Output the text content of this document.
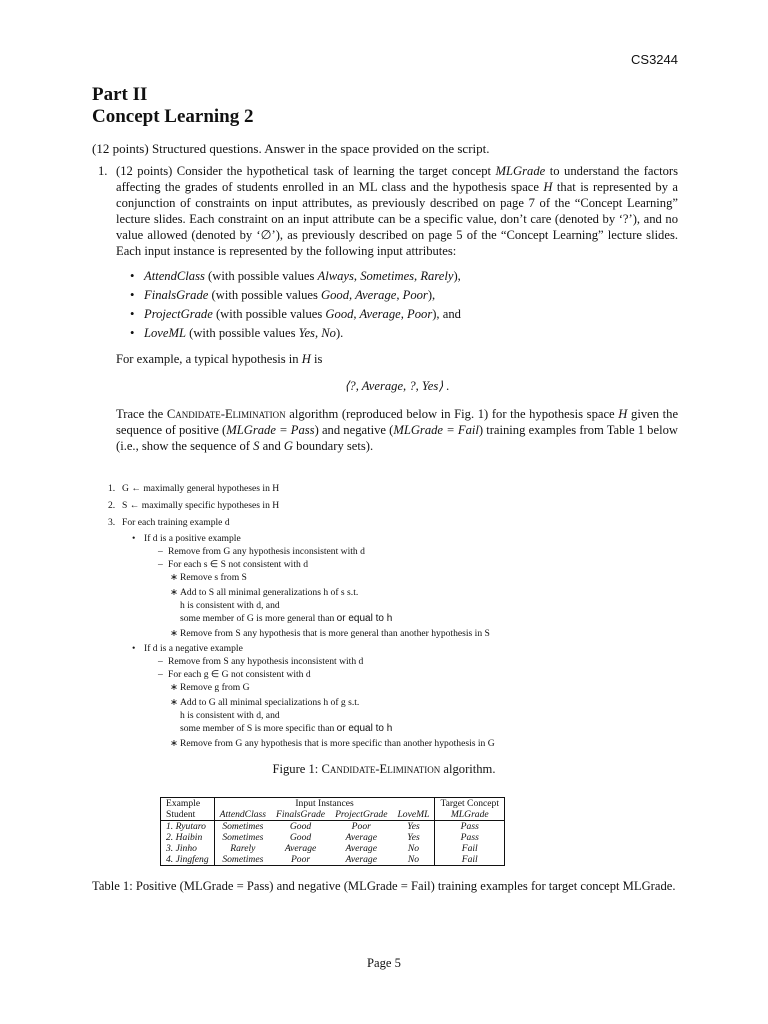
CS3244
Part II
Concept Learning 2
(12 points) Structured questions. Answer in the space provided on the script.
1. (12 points) Consider the hypothetical task of learning the target concept MLGrade to understand the factors affecting the grades of students enrolled in an ML class and the hypothesis space H that is represented by a conjunction of constraints on input attributes, as previously described on page 7 of the “Concept Learning” lecture slides. Each constraint on an input attribute can be a specific value, don’t care (denoted by ‘?’), and no value allowed (denoted by ‘∅’), as previously described on page 5 of the “Concept Learning” lecture slides. Each input instance is represented by the following input attributes:
• AttendClass (with possible values Always, Sometimes, Rarely),
• FinalsGrade (with possible values Good, Average, Poor),
• ProjectGrade (with possible values Good, Average, Poor), and
• LoveML (with possible values Yes, No).
For example, a typical hypothesis in H is
⟨?, Average, ?, Yes⟩ .
Trace the Candidate-Elimination algorithm (reproduced below in Fig. 1) for the hypothesis space H given the sequence of positive (MLGrade = Pass) and negative (MLGrade = Fail) training examples from Table 1 below (i.e., show the sequence of S and G boundary sets).
1. G ← maximally general hypotheses in H
2. S ← maximally specific hypotheses in H
3. For each training example d
• If d is a positive example
– Remove from G any hypothesis inconsistent with d
– For each s ∈ S not consistent with d
∗ Remove s from S
∗ Add to S all minimal generalizations h of s s.t.
h is consistent with d, and
some member of G is more general than or equal to h
∗ Remove from S any hypothesis that is more general than another hypothesis in S
• If d is a negative example
– Remove from S any hypothesis inconsistent with d
– For each g ∈ G not consistent with d
∗ Remove g from G
∗ Add to G all minimal specializations h of g s.t.
h is consistent with d, and
some member of S is more specific than or equal to h
∗ Remove from G any hypothesis that is more specific than another hypothesis in G
Figure 1: Candidate-Elimination algorithm.
Example	Input Instances				Target Concept
Student	AttendClass	FinalsGrade	ProjectGrade	LoveML	MLGrade
1. Ryutaro	Sometimes	Good	Poor	Yes	Pass
2. Haibin	Sometimes	Good	Average	Yes	Pass
3. Jinho	Rarely	Average	Average	No	Fail
4. Jingfeng	Sometimes	Poor	Average	No	Fail
Table 1: Positive (MLGrade = Pass) and negative (MLGrade = Fail) training examples for target concept MLGrade.
Page 5
